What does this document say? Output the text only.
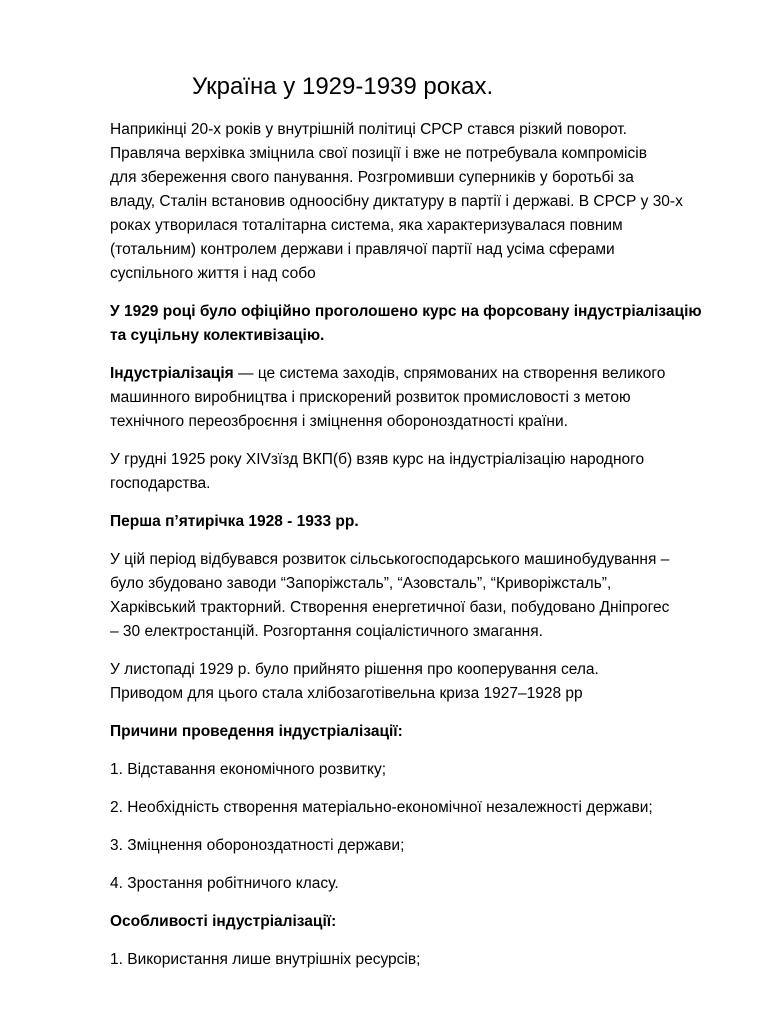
Україна у 1929-1939 роках.
Наприкінці 20-х років у внутрішній політиці СРСР стався різкий поворот.
Правляча верхівка зміцнила свої позиції і вже не потребувала компромісів
для збереження свого панування. Розгромивши суперників у боротьбі за
владу, Сталін встановив одноосібну диктатуру в партії і державі. В СРСР у 30-х
роках утворилася тоталітарна система, яка характеризувалася повним
(тотальним) контролем держави і правлячої партії над усіма сферами
суспільного життя і над собо
У 1929 році було офіційно проголошено курс на форсовану індустріалізацію
та суцільну колективізацію.
Індустріалізація — це система заходів, спрямованих на створення великого
машинного виробництва і прискорений розвиток промисловості з метою
технічного переозброєння і зміцнення обороноздатності країни.
У грудні 1925 року XIVзїзд ВКП(б) взяв курс на індустріалізацію народного
господарства.
Перша п’ятирічка 1928 - 1933 рр.
У цій період відбувався розвиток сільськогосподарського машинобудування –
було збудовано заводи “Запоріжсталь”, “Азовсталь”, “Криворіжсталь”,
Харківський тракторний. Створення енергетичної бази, побудовано Дніпрогес
– 30 електростанцій. Розгортання соціалістичного змагання.
У листопаді 1929 р. було прийнято рішення про кооперування села.
Приводом для цього стала хлібозаготівельна криза 1927–1928 рр
Причини проведення індустріалізації:
1. Відставання економічного розвитку;
2. Необхідність створення матеріально-економічної незалежності держави;
3. Зміцнення обороноздатності держави;
4. Зростання робітничого класу.
Особливості індустріалізації:
1. Використання лише внутрішніх ресурсів;
